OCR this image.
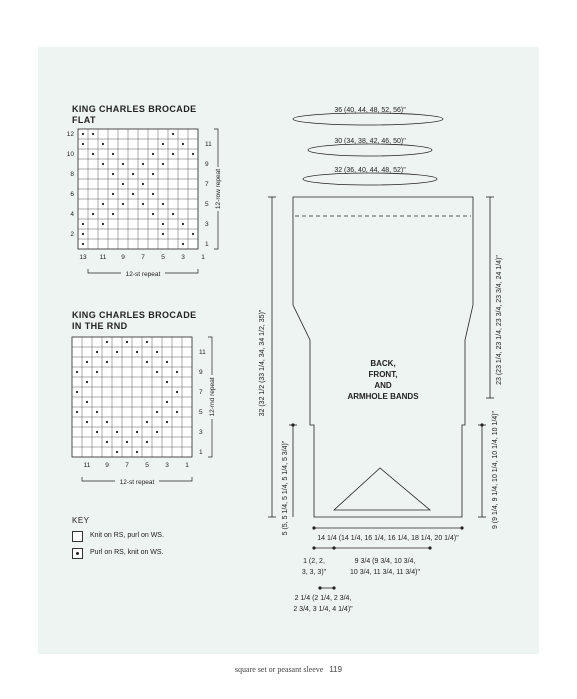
KING CHARLES BROCADE
FLAT
KING CHARLES BROCADE
IN THE RND
KEY
Knit on RS, purl on WS.
Purl on RS, knit on WS.
36 (40, 44, 48, 52, 56)"
30 (34, 38, 42, 46, 50)"
32 (36, 40, 44, 48, 52)"
BACK,
FRONT,
AND
ARMHOLE BANDS
32 (32 1/2 (33 1/4, 34, 34 1/2, 35)"
5 (5, 5 1/4, 5 1/4, 5 1/4, 5 3/4)"
23 (23 1/4, 23 1/4, 23 3/4, 23 3/4, 24 1/4)"
9 (9 1/4, 9 1/4, 10 1/4, 10 1/4, 10 1/4)"
14 1/4 (14 1/4, 16 1/4, 16 1/4, 18 1/4, 20 1/4)"
1 (2, 2,
3, 3, 3)"
9 3/4 (9 3/4, 10 3/4,
10 3/4, 11 3/4, 11 3/4)"
2 1/4 (2 1/4, 2 3/4,
2 3/4, 3 1/4, 4 1/4)"
11
9
7
5
3
1
12
10
8
6
4
2
13 11 9	7	5	3	1
12-st repeat
12-row repeat
11
9
7
5
3
1
11 9	7	5	3	1
12-st repeat
12-rnd repeat
square set or peasant sleeve 119
